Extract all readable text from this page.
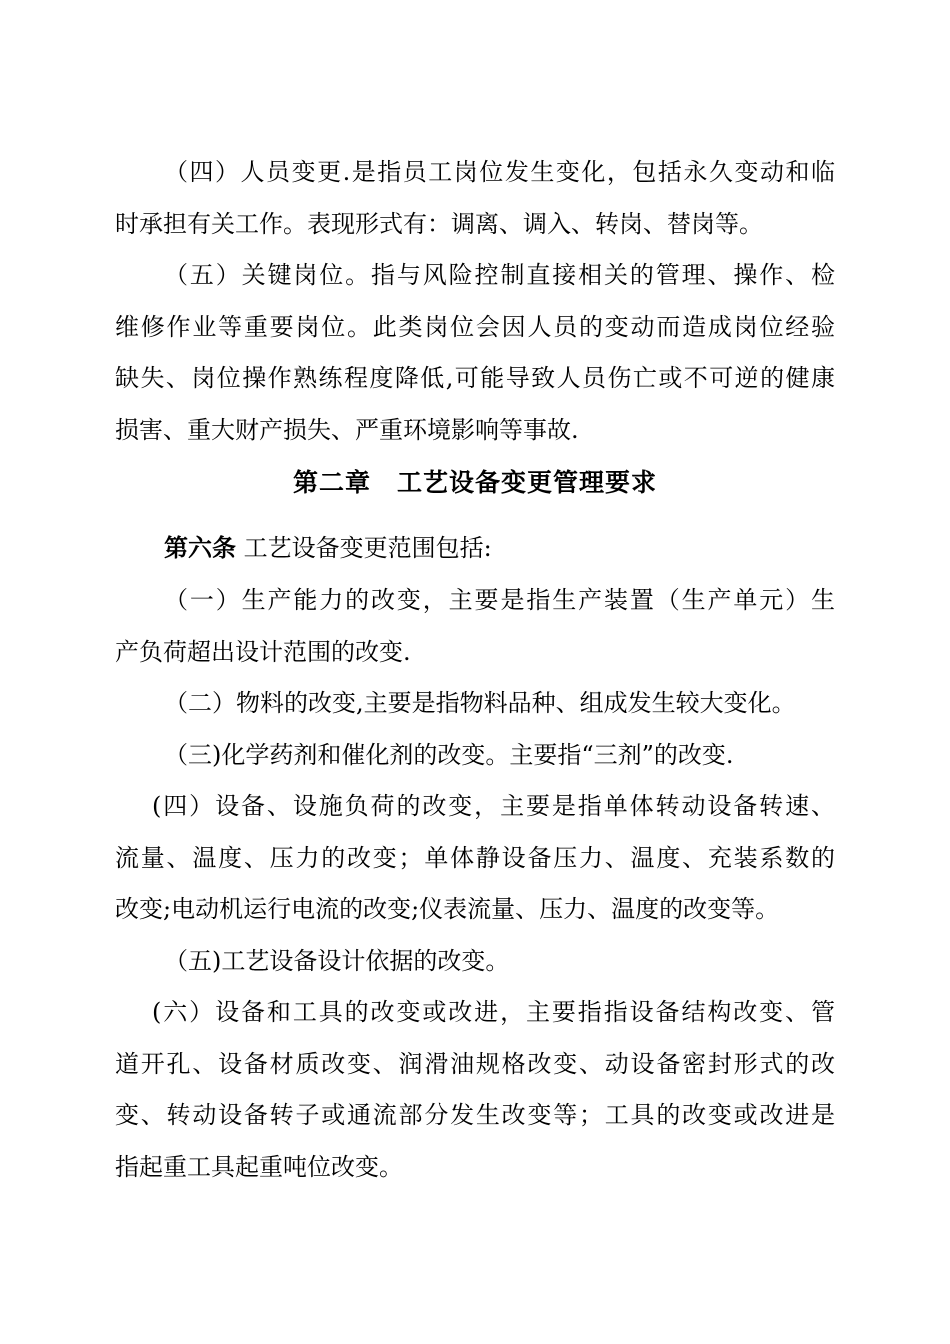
（四）人员变更.是指员工岗位发生变化，包括永久变动和临
时承担有关工作。表现形式有：调离、调入、转岗、替岗等。
（五）关键岗位。指与风险控制直接相关的管理、操作、检
维修作业等重要岗位。此类岗位会因人员的变动而造成岗位经验
缺失、岗位操作熟练程度降低,可能导致人员伤亡或不可逆的健康
损害、重大财产损失、严重环境影响等事故.
第二章　工艺设备变更管理要求
第六条 工艺设备变更范围包括:
（一）生产能力的改变，主要是指生产装置（生产单元）生
产负荷超出设计范围的改变.
（二）物料的改变,主要是指物料品种、组成发生较大变化。
（三)化学药剂和催化剂的改变。主要指“三剂”的改变.
(四）设备、设施负荷的改变，主要是指单体转动设备转速、
流量、温度、压力的改变；单体静设备压力、温度、充装系数的
改变;电动机运行电流的改变;仪表流量、压力、温度的改变等。
（五)工艺设备设计依据的改变。
(六）设备和工具的改变或改进，主要指指设备结构改变、管
道开孔、设备材质改变、润滑油规格改变、动设备密封形式的改
变、转动设备转子或通流部分发生改变等；工具的改变或改进是
指起重工具起重吨位改变。
